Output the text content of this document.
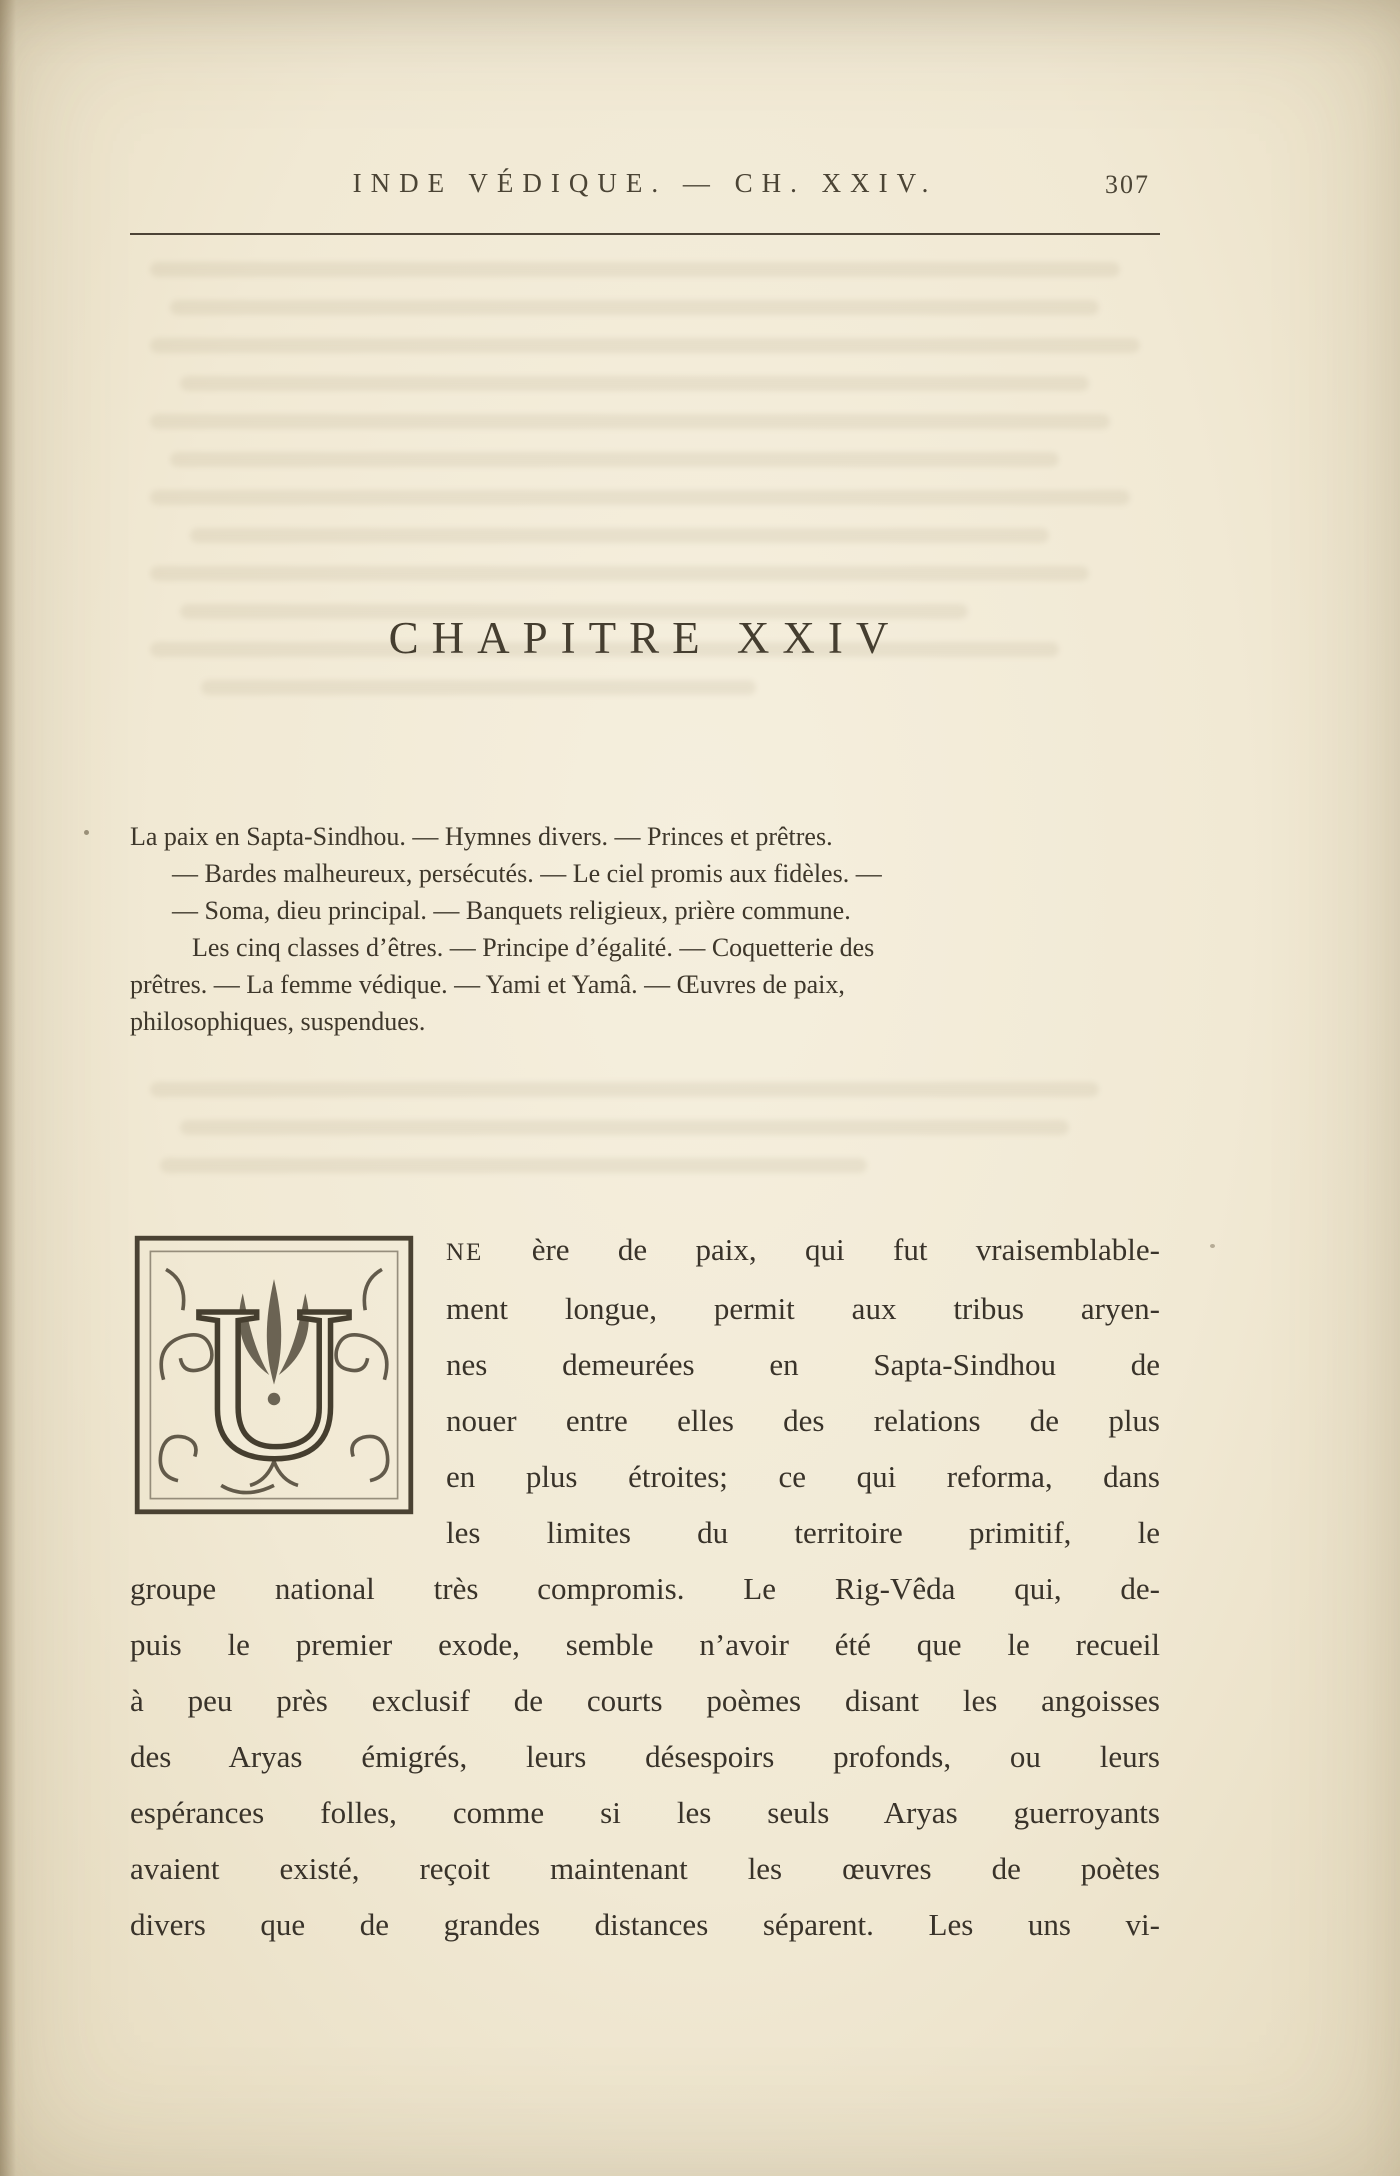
INDE VÉDIQUE. — CH. XXIV.	307
CHAPITRE XXIV
La paix en Sapta-Sindhou. — Hymnes divers. — Princes et prêtres.
— Bardes malheureux, persécutés. — Le ciel promis aux fidèles. —
— Soma, dieu principal. — Banquets religieux, prière commune.
Les cinq classes d’êtres. — Principe d’égalité. — Coquetterie des
prêtres. — La femme védique. — Yami et Yamâ. — Œuvres de paix,
philosophiques, suspendues.
U
NE ère de paix, qui fut vraisemblable-
ment longue, permit aux tribus aryen-
nes demeurées en Sapta-Sindhou de
nouer entre elles des relations de plus
en plus étroites; ce qui reforma, dans
les limites du territoire primitif, le
groupe national très compromis. Le Rig-Vêda qui, de-
puis le premier exode, semble n’avoir été que le recueil
à peu près exclusif de courts poèmes disant les angoisses
des Aryas émigrés, leurs désespoirs profonds, ou leurs
espérances folles, comme si les seuls Aryas guerroyants
avaient existé, reçoit maintenant les œuvres de poètes
divers que de grandes distances séparent. Les uns vi-
